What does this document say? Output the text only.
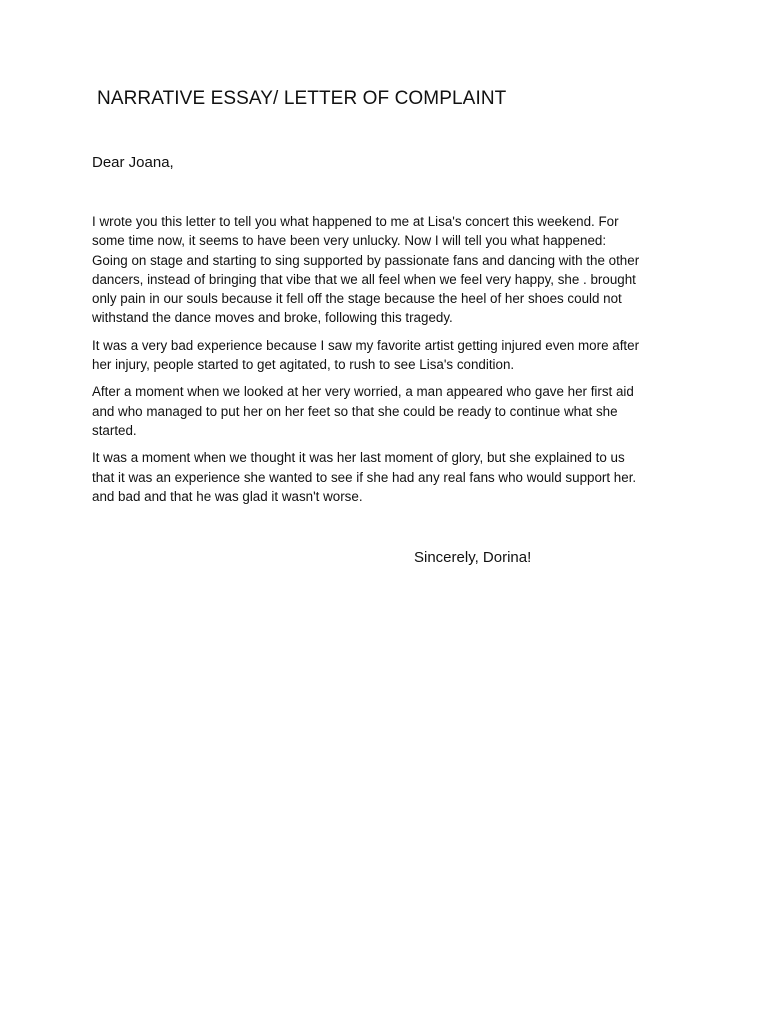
NARRATIVE ESSAY/ LETTER OF COMPLAINT
Dear Joana,

I wrote you this letter to tell you what happened to me at Lisa's concert this weekend. For
some time now, it seems to have been very unlucky. Now I will tell you what happened:
Going on stage and starting to sing supported by passionate fans and dancing with the other
dancers, instead of bringing that vibe that we all feel when we feel very happy, she . brought
only pain in our souls because it fell off the stage because the heel of her shoes could not
withstand the dance moves and broke, following this tragedy.

It was a very bad experience because I saw my favorite artist getting injured even more after
her injury, people started to get agitated, to rush to see Lisa's condition.

After a moment when we looked at her very worried, a man appeared who gave her first aid
and who managed to put her on her feet so that she could be ready to continue what she
started.

It was a moment when we thought it was her last moment of glory, but she explained to us
that it was an experience she wanted to see if she had any real fans who would support her.
and bad and that he was glad it wasn't worse.

Sincerely, Dorina!
